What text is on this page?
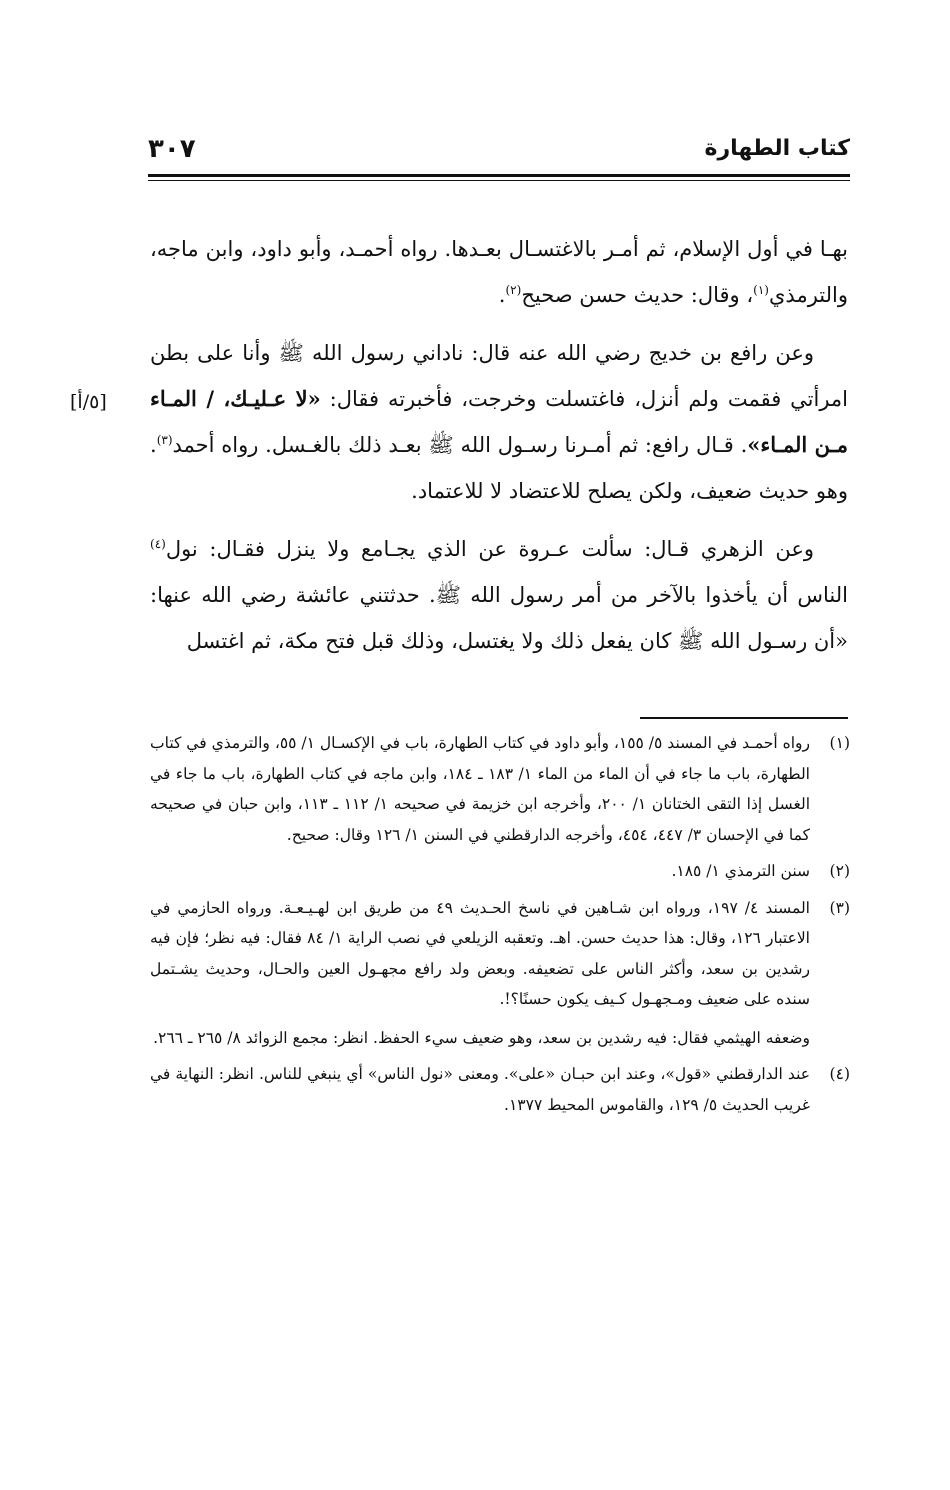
كتاب الطهارة
٣٠٧
[٥/أ]

بهـا في أول الإسلام، ثم أمـر بالاغتسـال بعـدها. رواه أحمـد، وأبو داود، وابن ماجه، والترمذي$^{(١)}$، وقال: حديث حسن صحيح$^{(٢)}$.

وعن رافع بن خديج رضي الله عنه قال: ناداني رسول الله ﷺ وأنا على بطن امرأتي فقمت ولم أنزل، فاغتسلت وخرجت، فأخبرته فقال: «لا عـليـك، / المـاء مـن المـاء». قـال رافع: ثم أمـرنا رسـول الله ﷺ بعـد ذلك بالغـسل. رواه أحمد$^{(٣)}$. وهو حديث ضعيف، ولكن يصلح للاعتضاد لا للاعتماد.

وعن الزهري قـال: سألت عـروة عن الذي يجـامع ولا ينزل فقـال: نول$^{(٤)}$ الناس أن يأخذوا بالآخر من أمر رسول الله ﷺ. حدثتني عائشة رضي الله عنها: «أن رسـول الله ﷺ كان يفعل ذلك ولا يغتسل، وذلك قبل فتح مكة، ثم اغتسل

(١)
رواه أحمـد في المسند ٥/ ١٥٥، وأبو داود في كتاب الطهارة، باب في الإكسـال ١/ ٥٥، والترمذي في كتاب الطهارة، باب ما جاء في أن الماء من الماء ١/ ١٨٣ ـ ١٨٤، وابن ماجه في كتاب الطهارة، باب ما جاء في الغسل إذا التقى الختانان ١/ ٢٠٠، وأخرجه ابن خزيمة في صحيحه ١/ ١١٢ ـ ١١٣، وابن حبان في صحيحه كما في الإحسان ٣/ ٤٤٧، ٤٥٤، وأخرجه الدارقطني في السنن ١/ ١٢٦ وقال: صحيح.
(٢)
سنن الترمذي ١/ ١٨٥.
(٣)
المسند ٤/ ١٩٧، ورواه ابن شـاهين في ناسخ الحـديث ٤٩ من طريق ابن لهـيـعـة. ورواه الحازمي في الاعتبار ١٢٦، وقال: هذا حديث حسن. اهـ. وتعقبه الزيلعي في نصب الراية ١/ ٨٤ فقال: فيه نظر؛ فإن فيه رشدين بن سعد، وأكثر الناس على تضعيفه. وبعض ولد رافع مجهـول العين والحـال، وحديث يشـتمل سنده على ضعيف ومـجهـول كـيف يكون حسنًا؟!.
وضعفه الهيثمي فقال: فيه رشدين بن سعد، وهو ضعيف سيء الحفظ. انظر: مجمع الزوائد ٨/ ٢٦٥ ـ ٢٦٦.
(٤)
عند الدارقطني «قول»، وعند ابن حبـان «على». ومعنى «نول الناس» أي ينبغي للناس. انظر: النهاية في غريب الحديث ٥/ ١٢٩، والقاموس المحيط ١٣٧٧.
